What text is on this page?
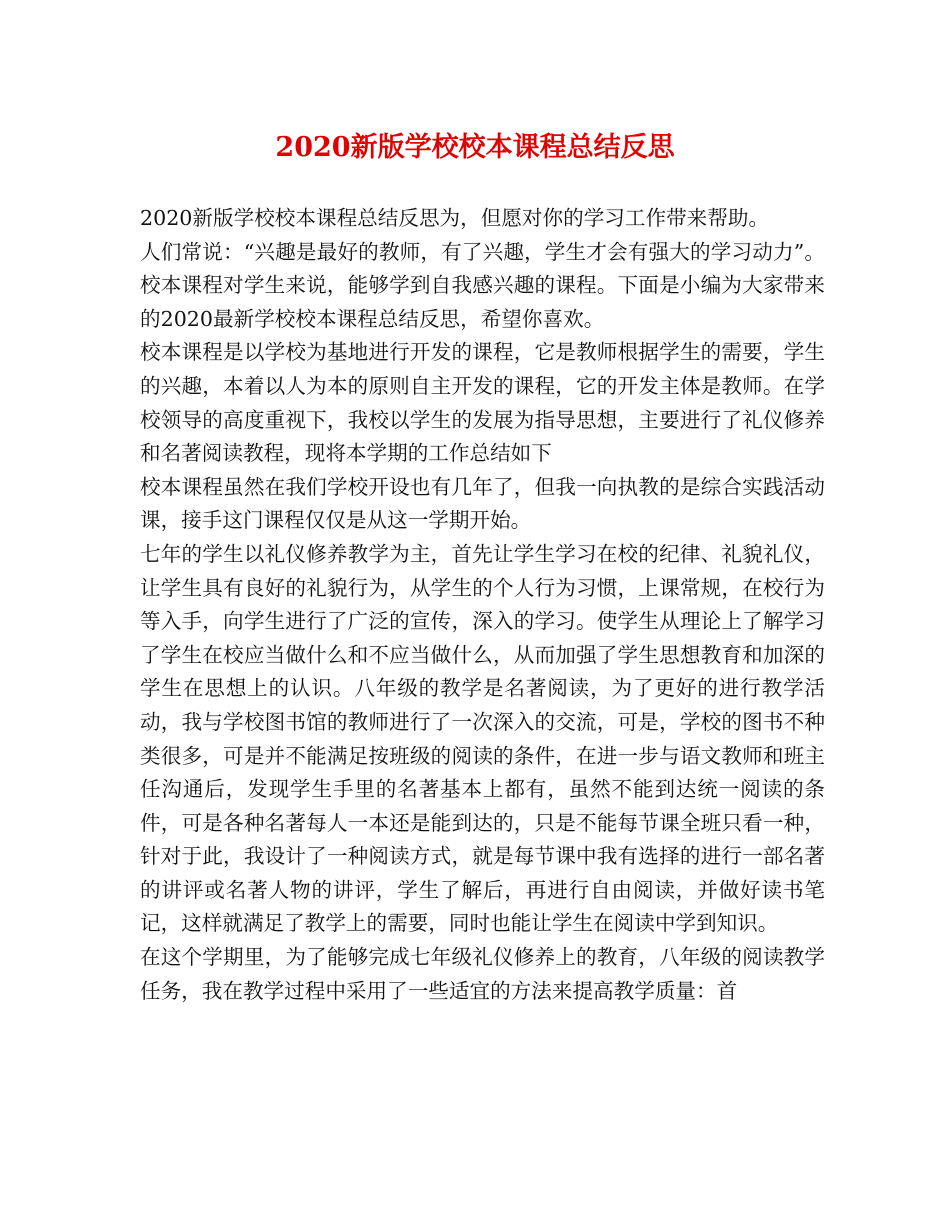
2020新版学校校本课程总结反思

2020新版学校校本课程总结反思为，但愿对你的学习工作带来帮助。

人们常说：“兴趣是最好的教师，有了兴趣，学生才会有强大的学习动力”。校本课程对学生来说，能够学到自我感兴趣的课程。下面是小编为大家带来的2020最新学校校本课程总结反思，希望你喜欢。

校本课程是以学校为基地进行开发的课程，它是教师根据学生的需要，学生的兴趣，本着以人为本的原则自主开发的课程，它的开发主体是教师。在学校领导的高度重视下，我校以学生的发展为指导思想，主要进行了礼仪修养和名著阅读教程，现将本学期的工作总结如下

校本课程虽然在我们学校开设也有几年了，但我一向执教的是综合实践活动课，接手这门课程仅仅是从这一学期开始。

七年的学生以礼仪修养教学为主，首先让学生学习在校的纪律、礼貌礼仪，让学生具有良好的礼貌行为，从学生的个人行为习惯，上课常规，在校行为等入手，向学生进行了广泛的宣传，深入的学习。使学生从理论上了解学习了学生在校应当做什么和不应当做什么，从而加强了学生思想教育和加深的学生在思想上的认识。八年级的教学是名著阅读，为了更好的进行教学活动，我与学校图书馆的教师进行了一次深入的交流，可是，学校的图书不种类很多，可是并不能满足按班级的阅读的条件，在进一步与语文教师和班主任沟通后，发现学生手里的名著基本上都有，虽然不能到达统一阅读的条件，可是各种名著每人一本还是能到达的，只是不能每节课全班只看一种，针对于此，我设计了一种阅读方式，就是每节课中我有选择的进行一部名著的讲评或名著人物的讲评，学生了解后，再进行自由阅读，并做好读书笔记，这样就满足了教学上的需要，同时也能让学生在阅读中学到知识。

在这个学期里，为了能够完成七年级礼仪修养上的教育，八年级的阅读教学任务，我在教学过程中采用了一些适宜的方法来提高教学质量：首
